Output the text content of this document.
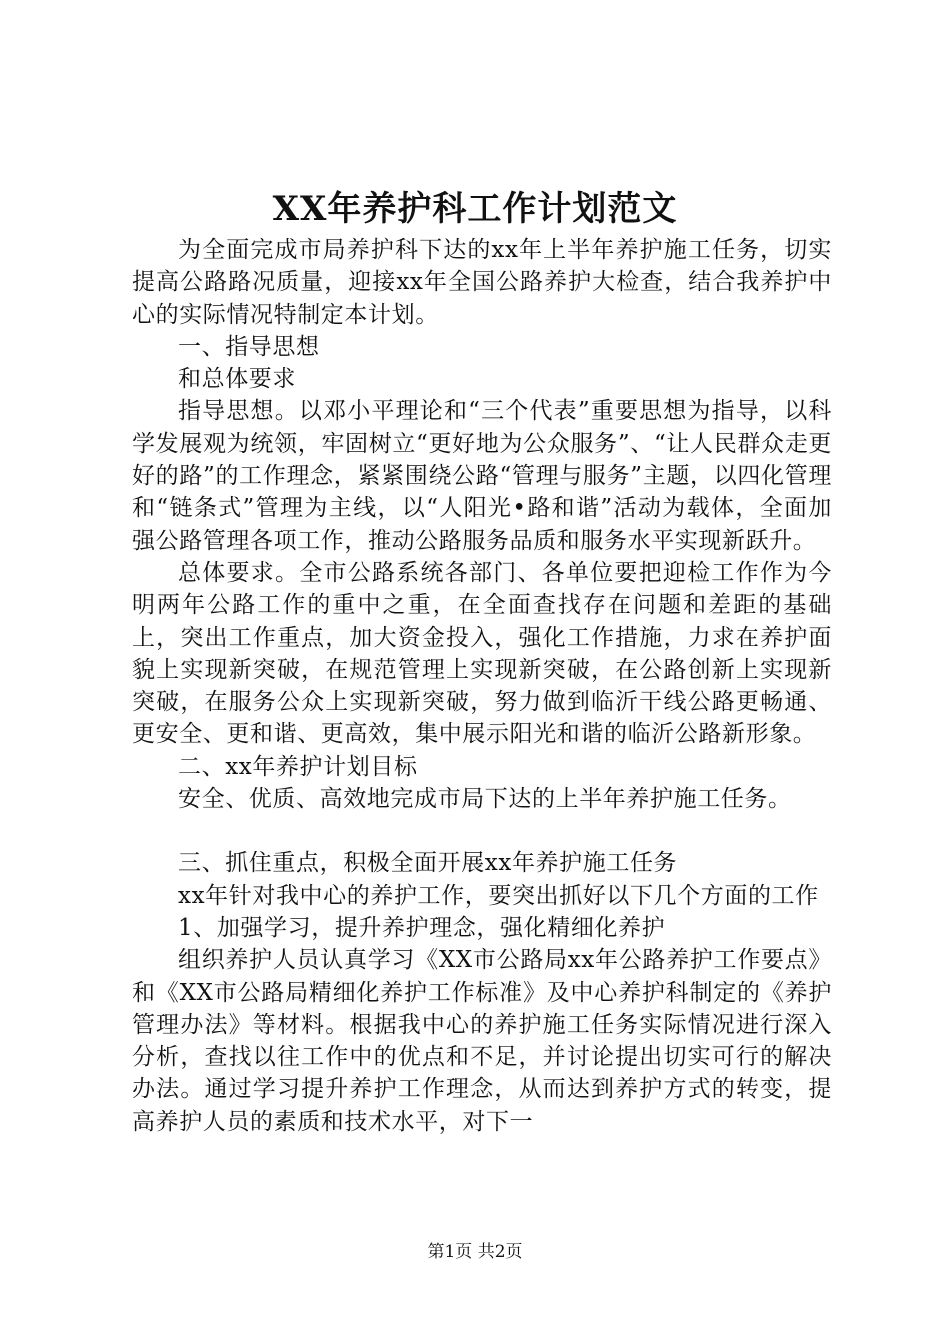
XX年养护科工作计划范文

为全面完成市局养护科下达的xx年上半年养护施工任务，切实提高公路路况质量，迎接xx年全国公路养护大检查，结合我养护中心的实际情况特制定本计划。

一、指导思想

和总体要求

指导思想。以邓小平理论和“三个代表”重要思想为指导，以科学发展观为统领，牢固树立“更好地为公众服务”、“让人民群众走更好的路”的工作理念，紧紧围绕公路“管理与服务”主题，以四化管理和“链条式”管理为主线，以“人阳光•路和谐”活动为载体，全面加强公路管理各项工作，推动公路服务品质和服务水平实现新跃升。

总体要求。全市公路系统各部门、各单位要把迎检工作作为今明两年公路工作的重中之重，在全面查找存在问题和差距的基础上，突出工作重点，加大资金投入，强化工作措施，力求在养护面貌上实现新突破，在规范管理上实现新突破，在公路创新上实现新突破，在服务公众上实现新突破，努力做到临沂干线公路更畅通、更安全、更和谐、更高效，集中展示阳光和谐的临沂公路新形象。

二、xx年养护计划目标

安全、优质、高效地完成市局下达的上半年养护施工任务。

三、抓住重点，积极全面开展xx年养护施工任务

xx年针对我中心的养护工作，要突出抓好以下几个方面的工作

1、加强学习，提升养护理念，强化精细化养护

组织养护人员认真学习《XX市公路局xx年公路养护工作要点》和《XX市公路局精细化养护工作标准》及中心养护科制定的《养护管理办法》等材料。根据我中心的养护施工任务实际情况进行深入分析，查找以往工作中的优点和不足，并讨论提出切实可行的解决办法。通过学习提升养护工作理念，从而达到养护方式的转变，提高养护人员的素质和技术水平，对下一

第1页 共2页
